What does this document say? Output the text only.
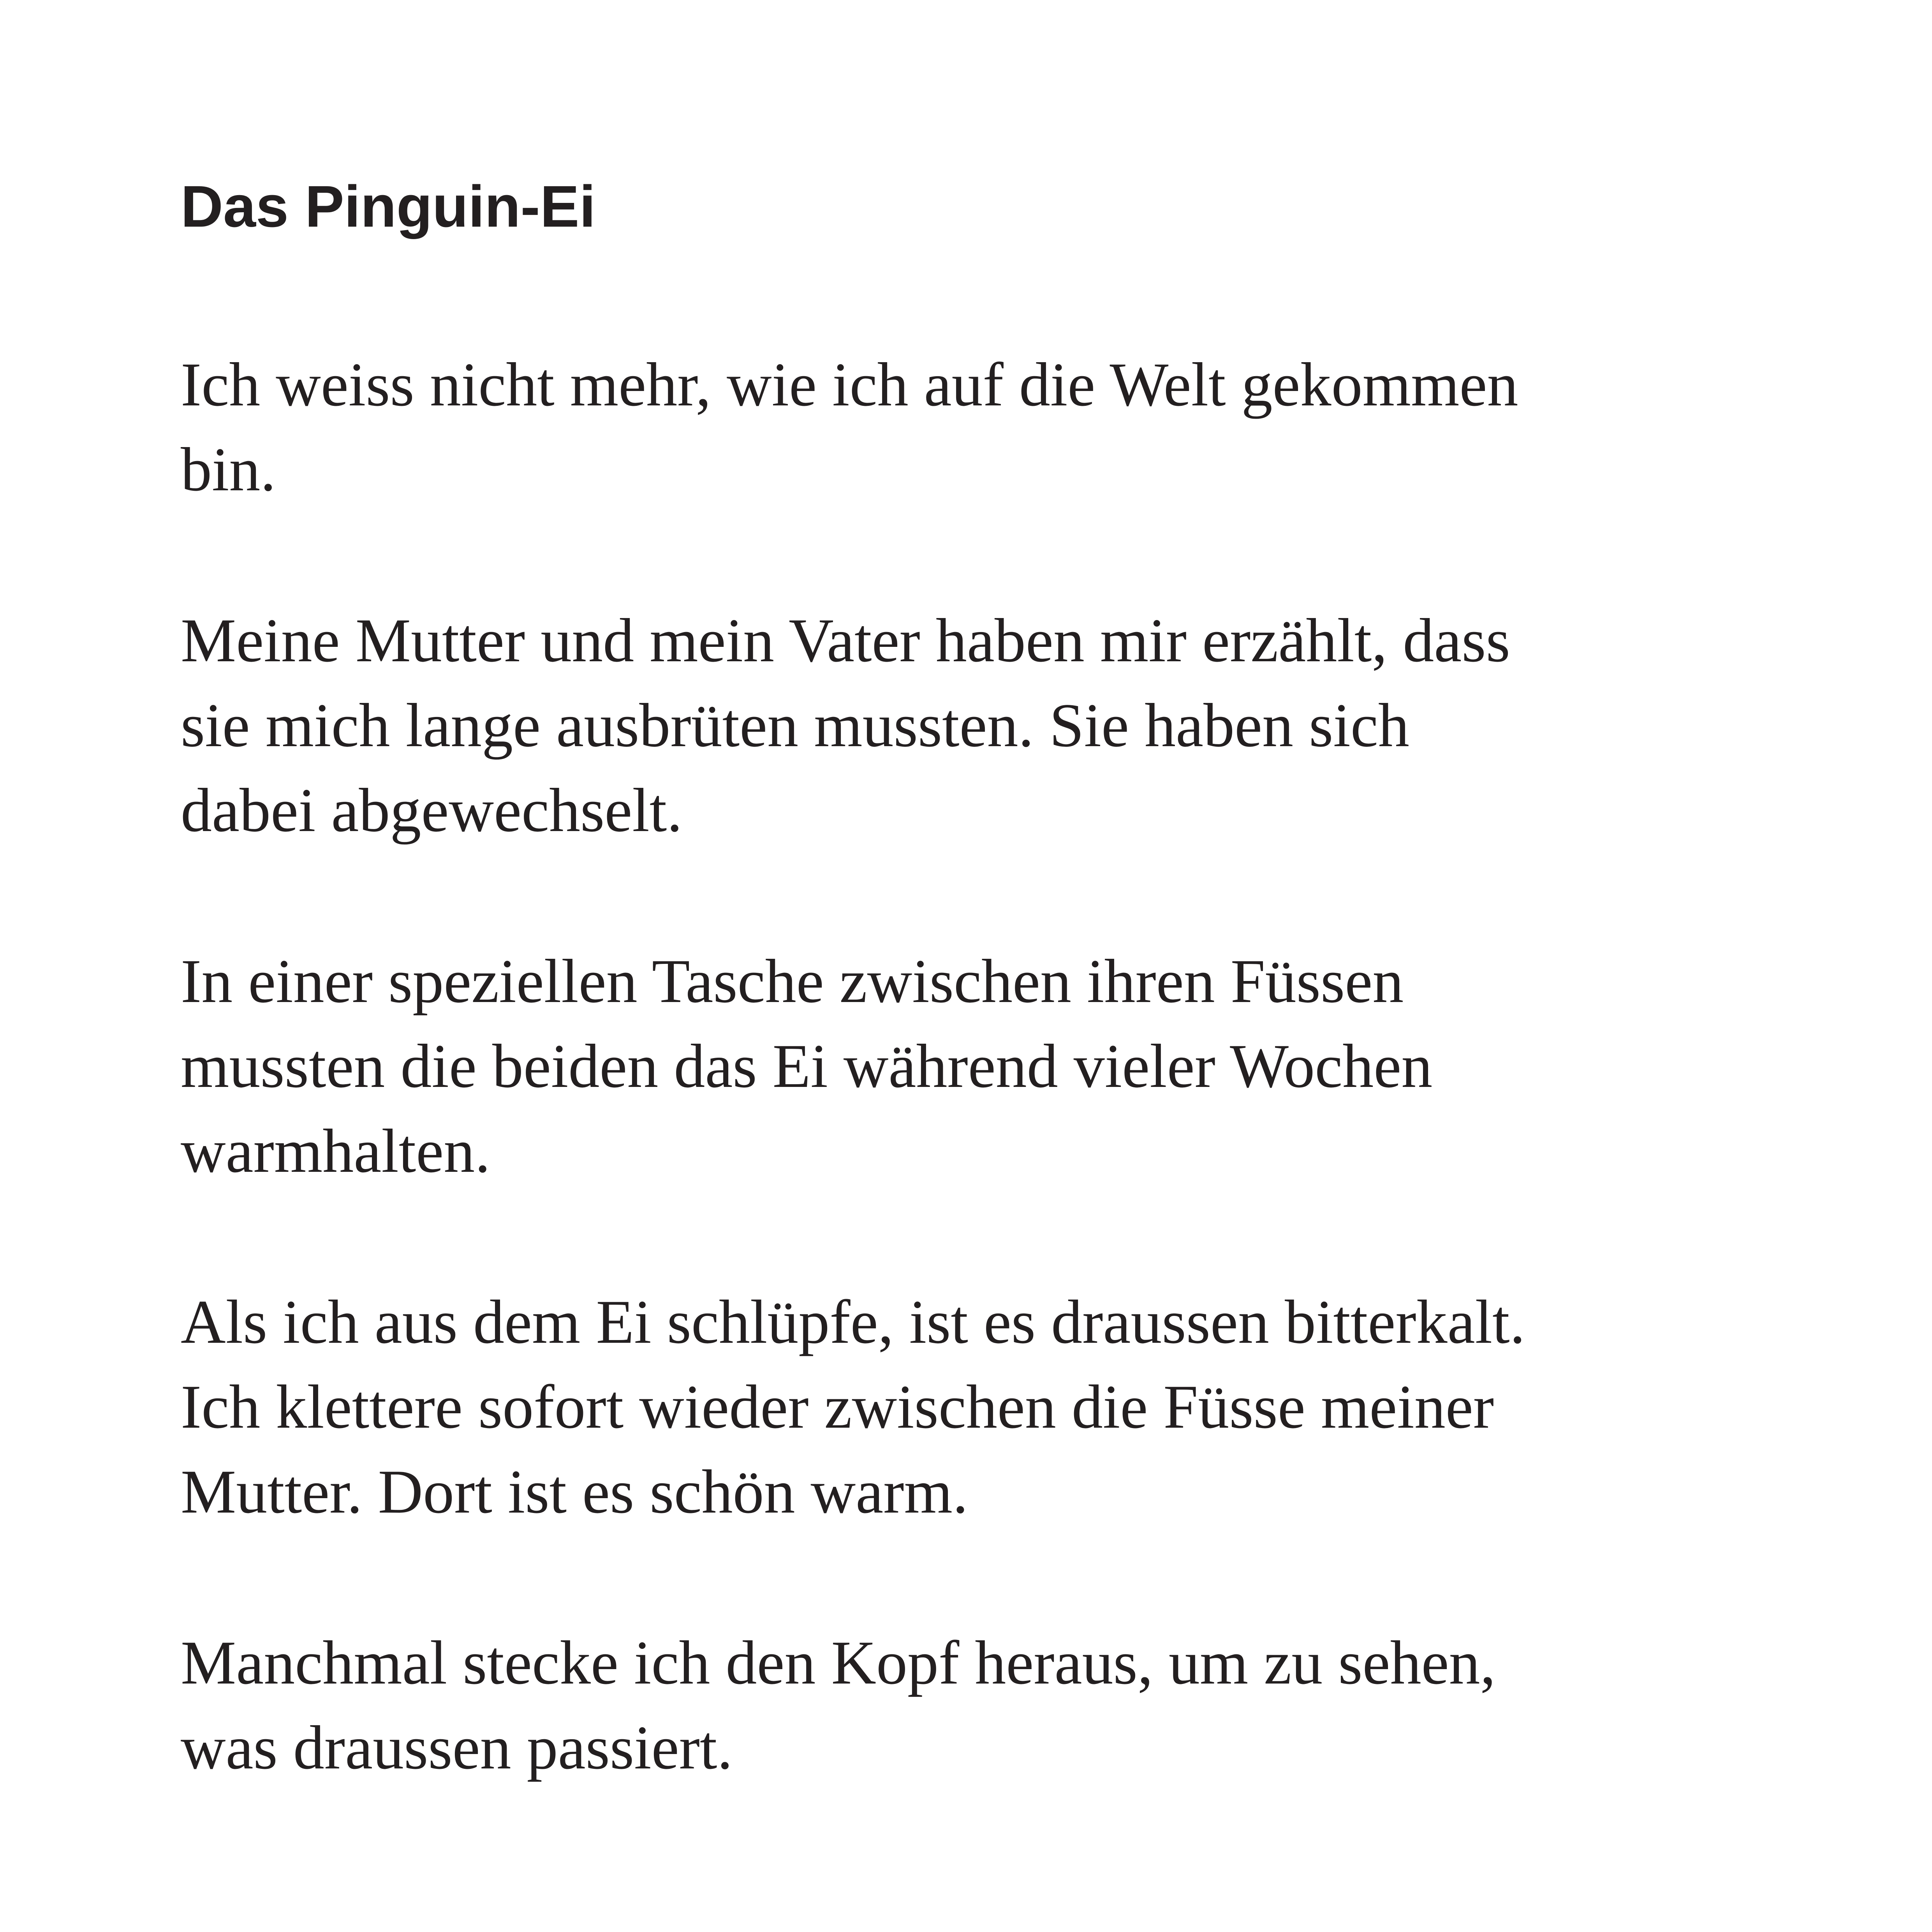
Das Pinguin-Ei

Ich weiss nicht mehr, wie ich auf die Welt gekommen
bin.

Meine Mutter und mein Vater haben mir erzählt, dass
sie mich lange ausbrüten mussten. Sie haben sich
dabei abgewechselt.

In einer speziellen Tasche zwischen ihren Füssen
mussten die beiden das Ei während vieler Wochen
warmhalten.

Als ich aus dem Ei schlüpfe, ist es draussen bitterkalt.
Ich klettere sofort wieder zwischen die Füsse meiner
Mutter. Dort ist es schön warm.

Manchmal stecke ich den Kopf heraus, um zu sehen,
was draussen passiert.
